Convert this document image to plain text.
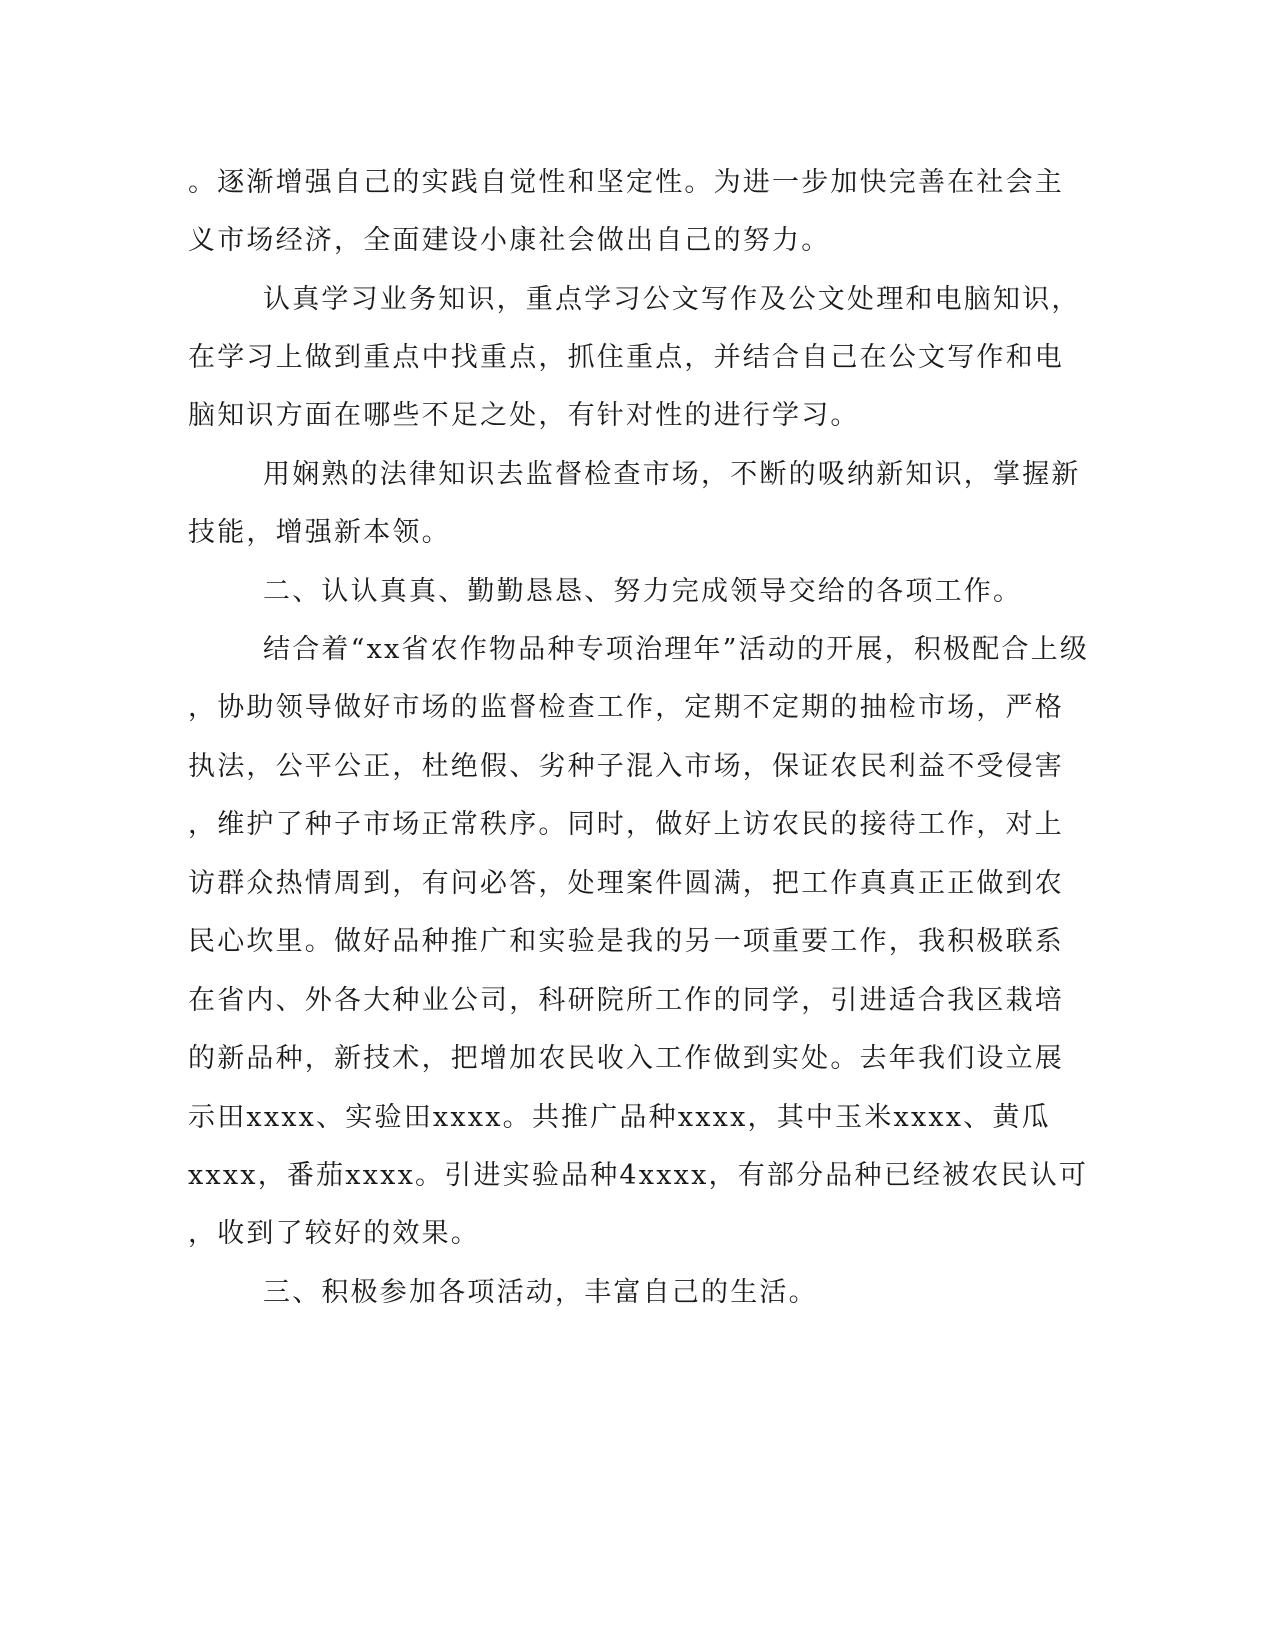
。逐渐增强自己的实践自觉性和坚定性。为进一步加快完善在社会主

义市场经济，全面建设小康社会做出自己的努力。

认真学习业务知识，重点学习公文写作及公文处理和电脑知识，

在学习上做到重点中找重点，抓住重点，并结合自己在公文写作和电

脑知识方面在哪些不足之处，有针对性的进行学习。

用娴熟的法律知识去监督检查市场，不断的吸纳新知识，掌握新

技能，增强新本领。

二、认认真真、勤勤恳恳、努力完成领导交给的各项工作。

结合着“xx省农作物品种专项治理年”活动的开展，积极配合上级

，协助领导做好市场的监督检查工作，定期不定期的抽检市场，严格

执法，公平公正，杜绝假、劣种子混入市场，保证农民利益不受侵害

，维护了种子市场正常秩序。同时，做好上访农民的接待工作，对上

访群众热情周到，有问必答，处理案件圆满，把工作真真正正做到农

民心坎里。做好品种推广和实验是我的另一项重要工作，我积极联系

在省内、外各大种业公司，科研院所工作的同学，引进适合我区栽培

的新品种，新技术，把增加农民收入工作做到实处。去年我们设立展

示田xxxx、实验田xxxx。共推广品种xxxx，其中玉米xxxx、黄瓜

xxxx，番茄xxxx。引进实验品种4xxxx，有部分品种已经被农民认可

，收到了较好的效果。

三、积极参加各项活动，丰富自己的生活。
